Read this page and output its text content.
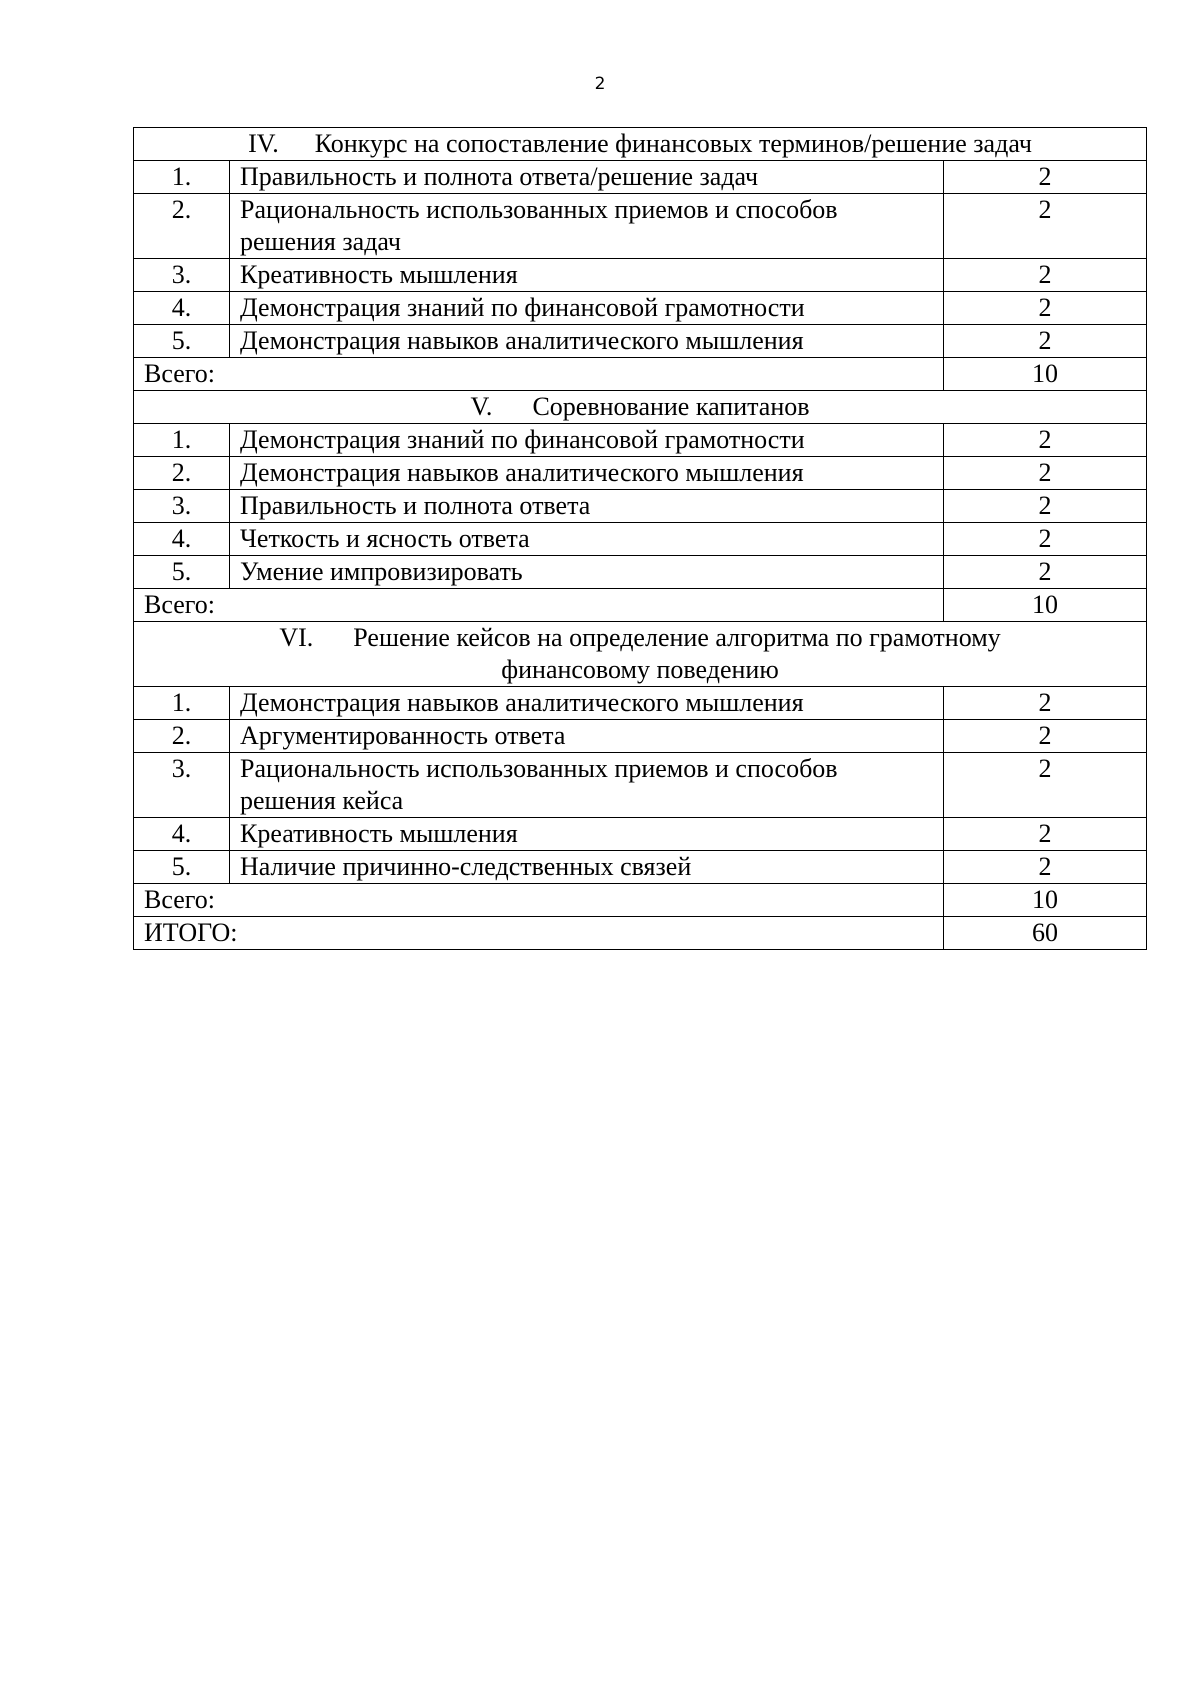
2
IV. Конкурс на сопоставление финансовых терминов/решение задач		
1.	Правильность и полнота ответа/решение задач	2
2.	Рациональность использованных приемов и способов решения задач	2
3.	Креативность мышления	2
4.	Демонстрация знаний по финансовой грамотности	2
5.	Демонстрация навыков аналитического мышления	2
Всего:		10
V. Соревнование капитанов		
1.	Демонстрация знаний по финансовой грамотности	2
2.	Демонстрация навыков аналитического мышления	2
3.	Правильность и полнота ответа	2
4.	Четкость и ясность ответа	2
5.	Умение импровизировать	2
Всего:		10

VI. Решение кейсов на определение алгоритма по грамотному
финансовому поведению		

1.	Демонстрация навыков аналитического мышления	2
2.	Аргументированность ответа	2
3.	Рациональность использованных приемов и способов решения кейса	2
4.	Креативность мышления	2
5.	Наличие причинно-следственных связей	2
Всего:		10
ИТОГО:		60
